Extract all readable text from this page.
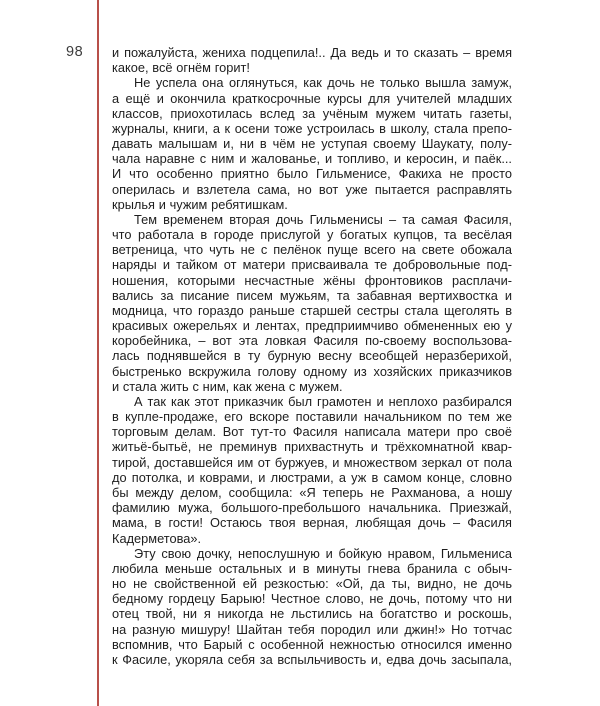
98	и пожалуйста, жениха подцепила!.. Да ведь и то сказать – время
какое, всё огнём горит!
Не успела она оглянуться, как дочь не только вышла замуж,
а ещё и окончила краткосрочные курсы для учителей младших
классов, приохотилась вслед за учёным мужем читать газеты,
журналы, книги, а к осени тоже устроилась в школу, стала препо-
давать малышам и, ни в чём не уступая своему Шаукату, полу-
чала наравне с ним и жалованье, и топливо, и керосин, и паёк...
И что особенно приятно было Гильменисе, Факиха не просто
оперилась и взлетела сама, но вот уже пытается расправлять
крылья и чужим ребятишкам.
Тем временем вторая дочь Гильменисы – та самая Фасиля,
что работала в городе прислугой у богатых купцов, та весёлая
ветреница, что чуть не с пелёнок пуще всего на свете обожала
наряды и тайком от матери присваивала те добровольные под-
ношения, которыми несчастные жёны фронтовиков расплачи-
вались за писание писем мужьям, та забавная вертихвостка и
модница, что гораздо раньше старшей сестры стала щеголять в
красивых ожерельях и лентах, предприимчиво обмененных ею у
коробейника, – вот эта ловкая Фасиля по-своему воспользова-
лась поднявшейся в ту бурную весну всеобщей неразберихой,
быстренько вскружила голову одному из хозяйских приказчиков
и стала жить с ним, как жена с мужем.
А так как этот приказчик был грамотен и неплохо разбирался
в купле-продаже, его вскоре поставили начальником по тем же
торговым делам. Вот тут-то Фасиля написала матери про своё
житьё-бытьё, не преминув прихвастнуть и трёхкомнатной квар-
тирой, доставшейся им от буржуев, и множеством зеркал от пола
до потолка, и коврами, и люстрами, а уж в самом конце, словно
бы между делом, сообщила: «Я теперь не Рахманова, а ношу
фамилию мужа, большого-пребольшого начальника. Приезжай,
мама, в гости! Остаюсь твоя верная, любящая дочь – Фасиля
Кадерметова».
Эту свою дочку, непослушную и бойкую нравом, Гильмениса
любила меньше остальных и в минуты гнева бранила с обыч-
но не свойственной ей резкостью: «Ой, да ты, видно, не дочь
бедному гордецу Барыю! Честное слово, не дочь, потому что ни
отец твой, ни я никогда не льстились на богатство и роскошь,
на разную мишуру! Шайтан тебя породил или джин!» Но тотчас
вспомнив, что Барый с особенной нежностью относился именно
к Фасиле, укоряла себя за вспыльчивость и, едва дочь засыпала,
